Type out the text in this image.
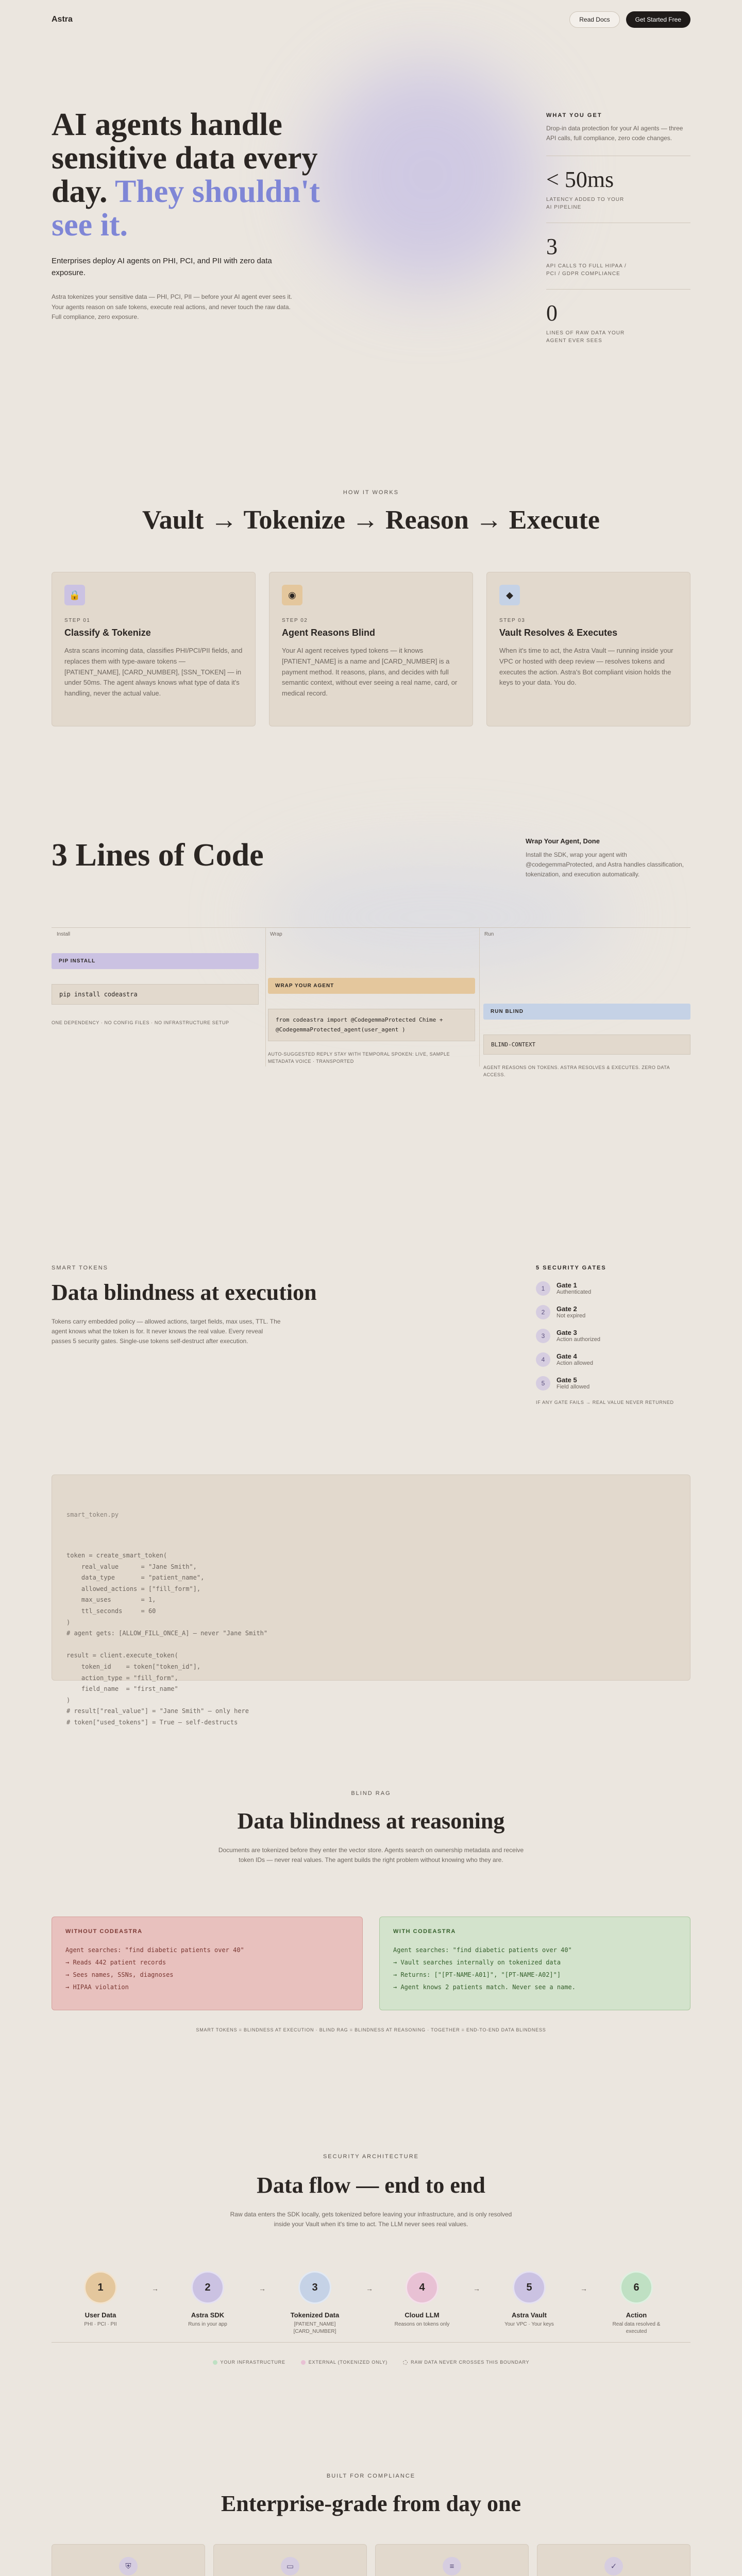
Astra	Read Docs	Get Started Free
AI agents handle
sensitive data every
day. They shouldn't see it.

Enterprises deploy AI agents on PHI, PCI, and PII with zero data exposure.

Astra tokenizes your sensitive data — PHI, PCI, PII — before your AI agent ever sees it. Your agents reason on safe tokens, execute real actions, and never touch the raw data. Full compliance, zero exposure.

WHAT YOU GET

Drop-in data protection for your AI agents — three API calls, full compliance, zero code changes.

< 50ms
LATENCY ADDED TO YOUR AI PIPELINE
3
API CALLS TO FULL HIPAA / PCI / GDPR COMPLIANCE
0
LINES OF RAW DATA YOUR AGENT EVER SEES
HOW IT WORKS
Vault → Tokenize → Reason → Execute
🔒
STEP 01
Classify & Tokenize
Astra scans incoming data, classifies PHI/PCI/PII fields, and replaces them with type-aware tokens — [PATIENT_NAME], [CARD_NUMBER], [SSN_TOKEN] — in under 50ms. The agent always knows what type of data it's handling, never the actual value.
◉
STEP 02
Agent Reasons Blind
Your AI agent receives typed tokens — it knows [PATIENT_NAME] is a name and [CARD_NUMBER] is a payment method. It reasons, plans, and decides with full semantic context, without ever seeing a real name, card, or medical record.
◆
STEP 03
Vault Resolves & Executes
When it's time to act, the Astra Vault — running inside your VPC or hosted with deep review — resolves tokens and executes the action. Astra's Bot compliant vision holds the keys to your data. You do.
3 Lines of Code	Wrap Your Agent, Done

Install the SDK, wrap your agent with @codegemmaProtected, and Astra handles classification, tokenization, and execution automatically.

Install	Wrap	Run
PIP INSTALL
pip install codeastra
ONE DEPENDENCY · NO CONFIG FILES · NO INFRASTRUCTURE SETUP
WRAP YOUR AGENT
from codeastra import @CodegemmaProtected Chime +
@CodegemmaProtected_agent(user_agent )
AUTO-SUGGESTED REPLY STAY WITH TEMPORAL SPOKEN: LIVE, SAMPLE METADATA VOICE · TRANSPORTED
RUN BLIND
BLIND-CONTEXT
AGENT REASONS ON TOKENS. ASTRA RESOLVES & EXECUTES. ZERO DATA ACCESS.
SMART TOKENS
Data blindness at execution

Tokens carry embedded policy — allowed actions, target fields, max uses, TTL. The agent knows what the token is for. It never knows the real value. Every reveal passes 5 security gates. Single-use tokens self-destruct after execution.

5 SECURITY GATES
1	Gate 1
Authenticated
2	Gate 2
Not expired
3	Gate 3
Action authorized
4	Gate 4
Action allowed
5	Gate 5
Field allowed
IF ANY GATE FAILS → REAL VALUE NEVER RETURNED

smart_token.py

token = create_smart_token(
real_value      = "Jane Smith",
data_type       = "patient_name",
allowed_actions = ["fill_form"],
max_uses        = 1,
ttl_seconds     = 60
)
# agent gets: [ALLOW_FILL_ONCE_A] — never "Jane Smith"

result = client.execute_token(
token_id    = token["token_id"],
action_type = "fill_form",
field_name  = "first_name"
)
# result["real_value"] = "Jane Smith" — only here
# token["used_tokens"] = True — self-destructs

BLIND RAG
Data blindness at reasoning

Documents are tokenized before they enter the vector store. Agents search on ownership metadata and receive token IDs — never real values. The agent builds the right problem without knowing who they are.

WITHOUT CODEASTRA
Agent searches: "find diabetic patients over 40"
→ Reads 442 patient records
→ Sees names, SSNs, diagnoses
→ HIPAA violation
WITH CODEASTRA
Agent searches: "find diabetic patients over 40"
→ Vault searches internally on tokenized data
→ Returns: ["[PT-NAME-A01]", "[PT-NAME-A02]"]
→ Agent knows 2 patients match. Never see a name.
SMART TOKENS = BLINDNESS AT EXECUTION · BLIND RAG = BLINDNESS AT REASONING · TOGETHER = END-TO-END DATA BLINDNESS
SECURITY ARCHITECTURE
Data flow — end to end

Raw data enters the SDK locally, gets tokenized before leaving your infrastructure, and is only resolved inside your Vault when it's time to act. The LLM never sees real values.

1
User Data
PHI · PCI · PII
→	2
Astra SDK
Runs in your app
→	3
Tokenized Data
[PATIENT_NAME]
[CARD_NUMBER]
→	4
Cloud LLM
Reasons on tokens only
→	5
Astra Vault
Your VPC · Your keys
→	6
Action
Real data resolved &
executed
YOUR INFRASTRUCTURE	EXTERNAL (TOKENIZED ONLY)	RAW DATA NEVER CROSSES THIS BOUNDARY
BUILT FOR COMPLIANCE
Enterprise-grade from day one
⛨	▭	≡	✓
